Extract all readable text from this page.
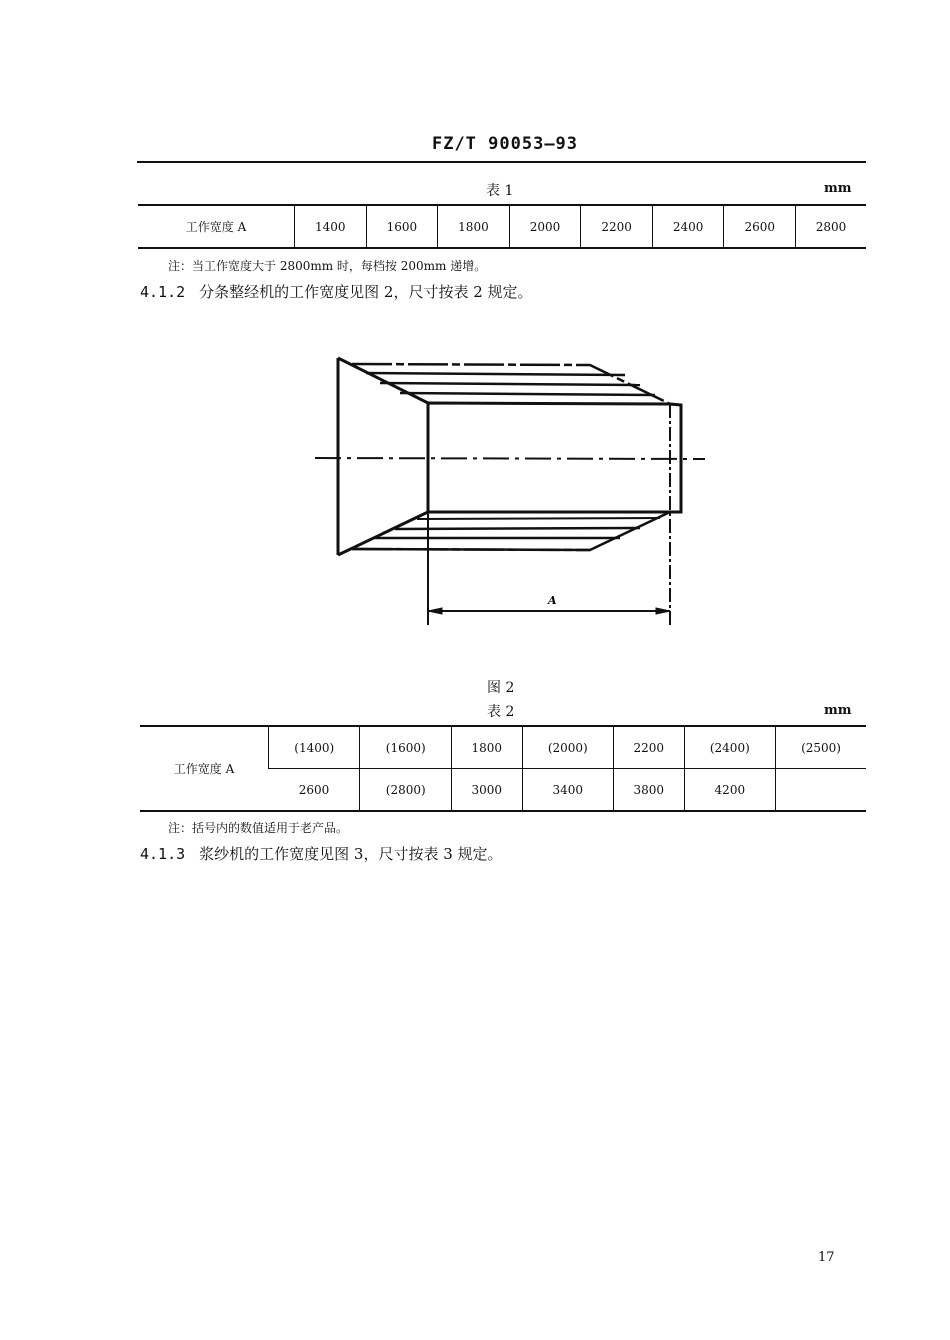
FZ/T 90053—93
表 1	mm
工作宽度 A	1400	1600	1800	2000	2200	2400	2600	2800
注：当工作宽度大于 2800mm 时，每档按 200mm 递增。
4.1.2 分条整经机的工作宽度见图 2，尺寸按表 2 规定。
A
图 2
表 2	mm
工作宽度 A	(1400)	(1600)	1800	(2000)	2200	(2400)	(2500)
	2600	(2800)	3000	3400	3800	4200	
注：括号内的数值适用于老产品。
4.1.3 浆纱机的工作宽度见图 3，尺寸按表 3 规定。
17
